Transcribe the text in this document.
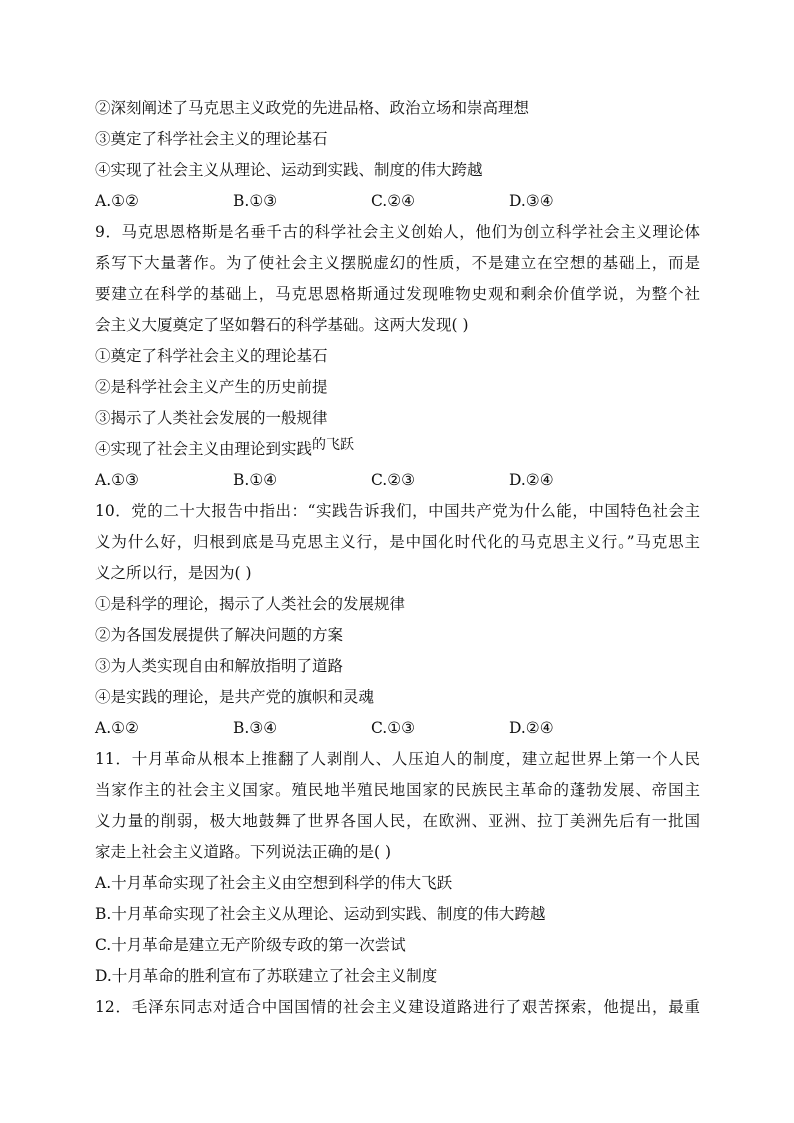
②深刻阐述了马克思主义政党的先进品格、政治立场和崇高理想
③奠定了科学社会主义的理论基石
④实现了社会主义从理论、运动到实践、制度的伟大跨越
A.①②	B.①③	C.②④	D.③④
9．马克思恩格斯是名垂千古的科学社会主义创始人，他们为创立科学社会主义理论体
系写下大量著作。为了使社会主义摆脱虚幻的性质，不是建立在空想的基础上，而是
要建立在科学的基础上，马克思恩格斯通过发现唯物史观和剩余价值学说，为整个社
会主义大厦奠定了坚如磐石的科学基础。这两大发现( )
①奠定了科学社会主义的理论基石
②是科学社会主义产生的历史前提
③揭示了人类社会发展的一般规律
④实现了社会主义由理论到实践的飞跃
A.①③	B.①④	C.②③	D.②④
10．党的二十大报告中指出：“实践告诉我们，中国共产党为什么能，中国特色社会主
义为什么好，归根到底是马克思主义行，是中国化时代化的马克思主义行。”马克思主
义之所以行，是因为( )
①是科学的理论，揭示了人类社会的发展规律
②为各国发展提供了解决问题的方案
③为人类实现自由和解放指明了道路
④是实践的理论，是共产党的旗帜和灵魂
A.①②	B.③④	C.①③	D.②④
11．十月革命从根本上推翻了人剥削人、人压迫人的制度，建立起世界上第一个人民
当家作主的社会主义国家。殖民地半殖民地国家的民族民主革命的蓬勃发展、帝国主
义力量的削弱，极大地鼓舞了世界各国人民，在欧洲、亚洲、拉丁美洲先后有一批国
家走上社会主义道路。下列说法正确的是( )
A.十月革命实现了社会主义由空想到科学的伟大飞跃
B.十月革命实现了社会主义从理论、运动到实践、制度的伟大跨越
C.十月革命是建立无产阶级专政的第一次尝试
D.十月革命的胜利宣布了苏联建立了社会主义制度
12．毛泽东同志对适合中国国情的社会主义建设道路进行了艰苦探索，他提出，最重
